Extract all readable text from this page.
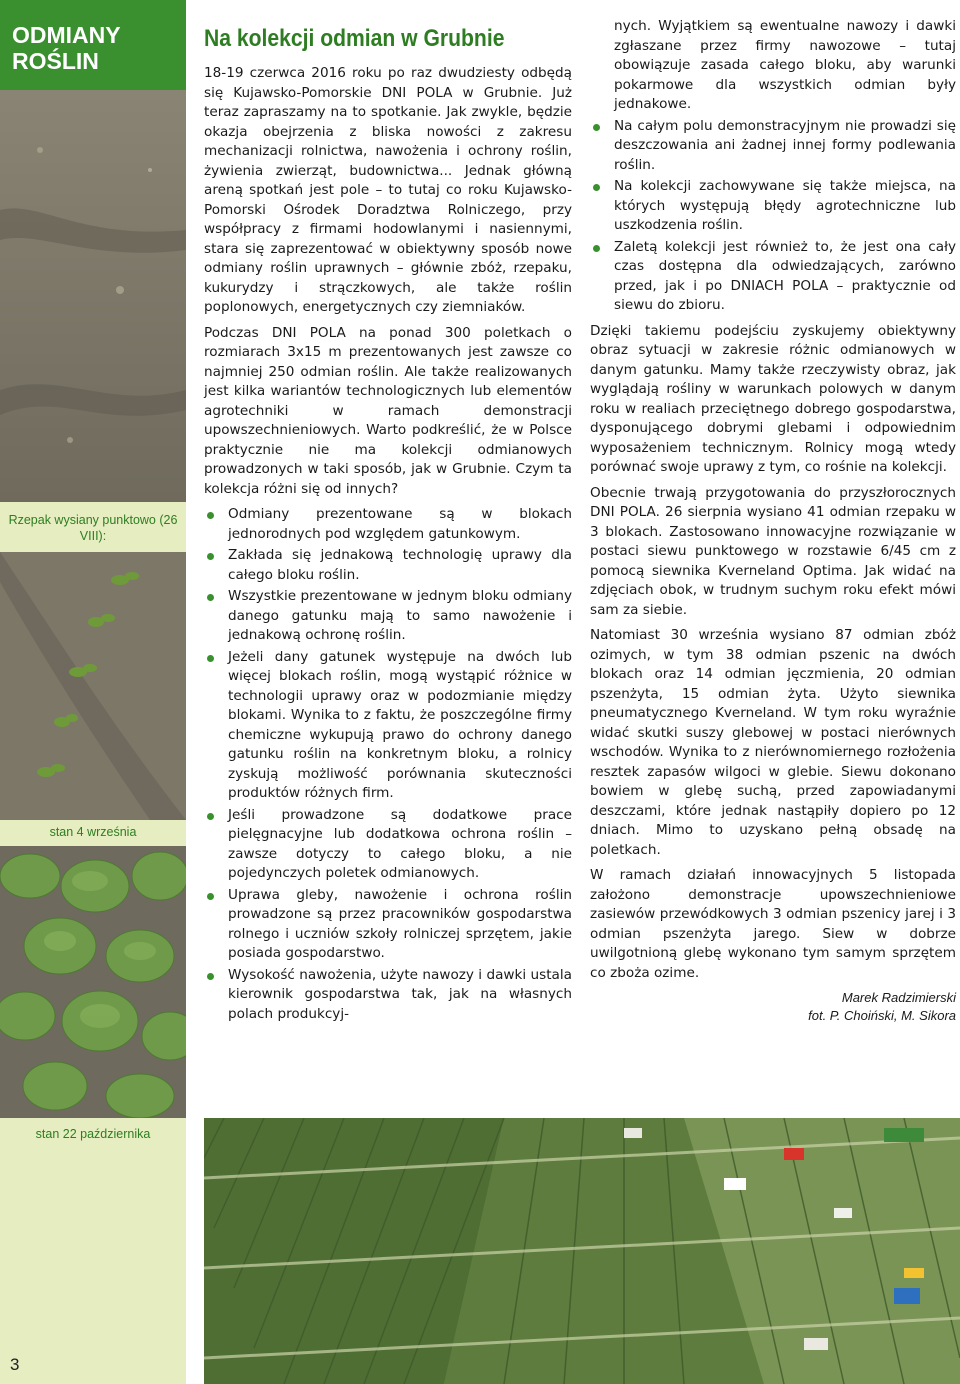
ODMIANY
ROŚLIN
Rzepak wysiany punktowo (26 VIII):
stan 4 września
stan 22 października
3
Na kolekcji odmian w Grubnie

18-19 czerwca 2016 roku po raz dwudziesty odbędą się Kujawsko-Pomorskie DNI POLA w Grubnie. Już teraz zapraszamy na to spotkanie. Jak zwykle, będzie okazja obejrzenia z bliska nowości z zakresu mechanizacji rolnictwa, nawożenia i ochrony roślin, żywienia zwierząt, budownictwa... Jednak główną areną spotkań jest pole – to tutaj co roku Kujawsko-Pomorski Ośrodek Doradztwa Rolniczego, przy współpracy z firmami hodowlanymi i nasiennymi, stara się zaprezentować w obiektywny sposób nowe odmiany roślin uprawnych – głównie zbóż, rzepaku, kukurydzy i strączkowych, ale także roślin poplonowych, energetycznych czy ziemniaków.

Podczas DNI POLA na ponad 300 poletkach o rozmiarach 3x15 m prezentowanych jest zawsze co najmniej 250 odmian roślin. Ale także realizowanych jest kilka wariantów technologicznych lub elementów agrotechniki w ramach demonstracji upowszechnieniowych. Warto podkreślić, że w Polsce praktycznie nie ma kolekcji odmianowych prowadzonych w taki sposób, jak w Grubnie. Czym ta kolekcja różni się od innych?

Odmiany prezentowane są w blokach jednorodnych pod względem gatunkowym.
Zakłada się jednakową technologię uprawy dla całego bloku roślin.
Wszystkie prezentowane w jednym bloku odmiany danego gatunku mają to samo nawożenie i jednakową ochronę roślin.
Jeżeli dany gatunek występuje na dwóch lub więcej blokach roślin, mogą wystąpić różnice w technologii uprawy oraz w podozmianie między blokami. Wynika to z faktu, że poszczególne firmy chemiczne wykupują prawo do ochrony danego gatunku roślin na konkretnym bloku, a rolnicy zyskują możliwość porównania skuteczności produktów różnych firm.
Jeśli prowadzone są dodatkowe prace pielęgnacyjne lub dodatkowa ochrona roślin – zawsze dotyczy to całego bloku, a nie pojedynczych poletek odmianowych.
Uprawa gleby, nawożenie i ochrona roślin prowadzone są przez pracowników gospodarstwa rolnego i uczniów szkoły rolniczej sprzętem, jakie posiada gospodarstwo.
Wysokość nawożenia, użyte nawozy i dawki ustala kierownik gospodarstwa tak, jak na własnych polach produkcyj-
nych. Wyjątkiem są ewentualne nawozy i dawki zgłaszane przez firmy nawozowe – tutaj obowiązuje zasada całego bloku, aby warunki pokarmowe dla wszystkich odmian były jednakowe.
Na całym polu demonstracyjnym nie prowadzi się deszczowania ani żadnej innej formy podlewania roślin.
Na kolekcji zachowywane się także miejsca, na których występują błędy agrotechniczne lub uszkodzenia roślin.
Zaletą kolekcji jest również to, że jest ona cały czas dostępna dla odwiedzających, zarówno przed, jak i po DNIACH POLA – praktycznie od siewu do zbioru.

Dzięki takiemu podejściu zyskujemy obiektywny obraz sytuacji w zakresie różnic odmianowych w danym gatunku. Mamy także rzeczywisty obraz, jak wyglądają rośliny w warunkach polowych w danym roku w realiach przeciętnego dobrego gospodarstwa, dysponującego dobrymi glebami i odpowiednim wyposażeniem technicznym. Rolnicy mogą wtedy porównać swoje uprawy z tym, co rośnie na kolekcji.

Obecnie trwają przygotowania do przyszłorocznych DNI POLA. 26 sierpnia wysiano 41 odmian rzepaku w 3 blokach. Zastosowano innowacyjne rozwiązanie w postaci siewu punktowego w rozstawie 6/45 cm z pomocą siewnika Kverneland Optima. Jak widać na zdjęciach obok, w trudnym suchym roku efekt mówi sam za siebie.

Natomiast 30 września wysiano 87 odmian zbóż ozimych, w tym 38 odmian pszenic na dwóch blokach oraz 14 odmian jęczmienia, 20 odmian pszenżyta, 15 odmian żyta. Użyto siewnika pneumatycznego Kverneland. W tym roku wyraźnie widać skutki suszy glebowej w postaci nierównych wschodów. Wynika to z nierównomiernego rozłożenia resztek zapasów wilgoci w glebie. Siewu dokonano bowiem w glebę suchą, przed zapowiadanymi deszczami, które jednak nastąpiły dopiero po 12 dniach. Mimo to uzyskano pełną obsadę na poletkach.

W ramach działań innowacyjnych 5 listopada założono demonstracje upowszechnieniowe zasiewów przewódkowych 3 odmian pszenicy jarej i 3 odmian pszenżyta jarego. Siew w dobrze uwilgotnioną glebę wykonano tym samym sprzętem co zboża ozime.

Marek Radzimierski
fot. P. Choiński, M. Sikora
